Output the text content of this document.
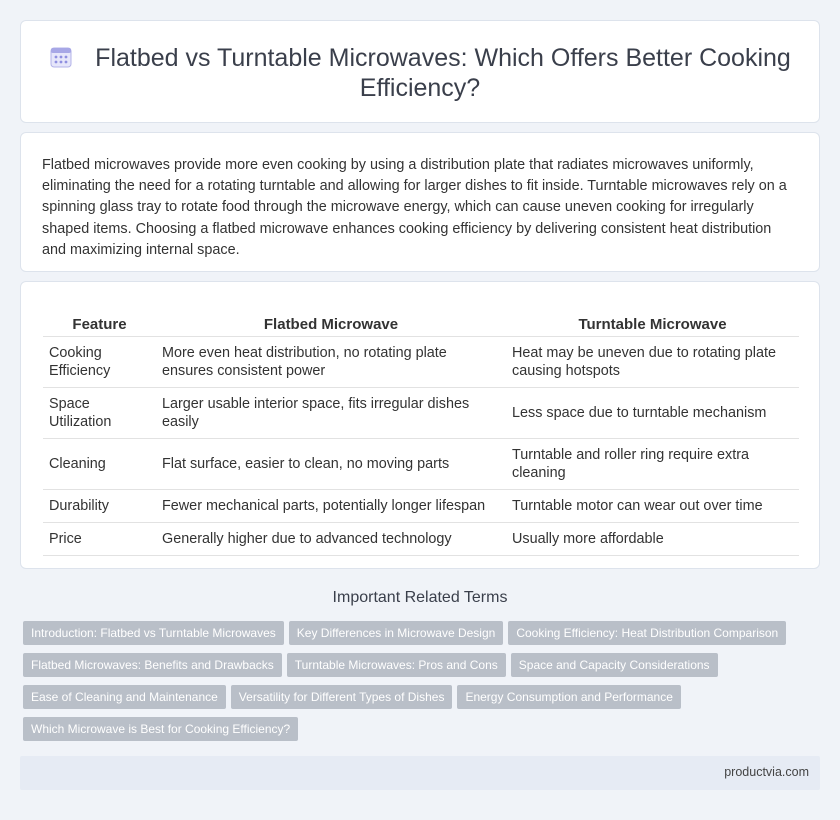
Flatbed vs Turntable Microwaves: Which Offers Better Cooking Efficiency?

Flatbed microwaves provide more even cooking by using a distribution plate that radiates microwaves uniformly, eliminating the need for a rotating turntable and allowing for larger dishes to fit inside. Turntable microwaves rely on a spinning glass tray to rotate food through the microwave energy, which can cause uneven cooking for irregularly shaped items. Choosing a flatbed microwave enhances cooking efficiency by delivering consistent heat distribution and maximizing internal space.

Feature	Flatbed Microwave	Turntable Microwave
Cooking Efficiency	More even heat distribution, no rotating plate ensures consistent power	Heat may be uneven due to rotating plate causing hotspots
Space Utilization	Larger usable interior space, fits irregular dishes easily	Less space due to turntable mechanism
Cleaning	Flat surface, easier to clean, no moving parts	Turntable and roller ring require extra cleaning
Durability	Fewer mechanical parts, potentially longer lifespan	Turntable motor can wear out over time
Price	Generally higher due to advanced technology	Usually more affordable
Important Related Terms
Introduction: Flatbed vs Turntable Microwaves Key Differences in Microwave Design Cooking Efficiency: Heat Distribution Comparison
Flatbed Microwaves: Benefits and Drawbacks Turntable Microwaves: Pros and Cons Space and Capacity Considerations
Ease of Cleaning and Maintenance Versatility for Different Types of Dishes Energy Consumption and Performance
Which Microwave is Best for Cooking Efficiency?
productvia.com
